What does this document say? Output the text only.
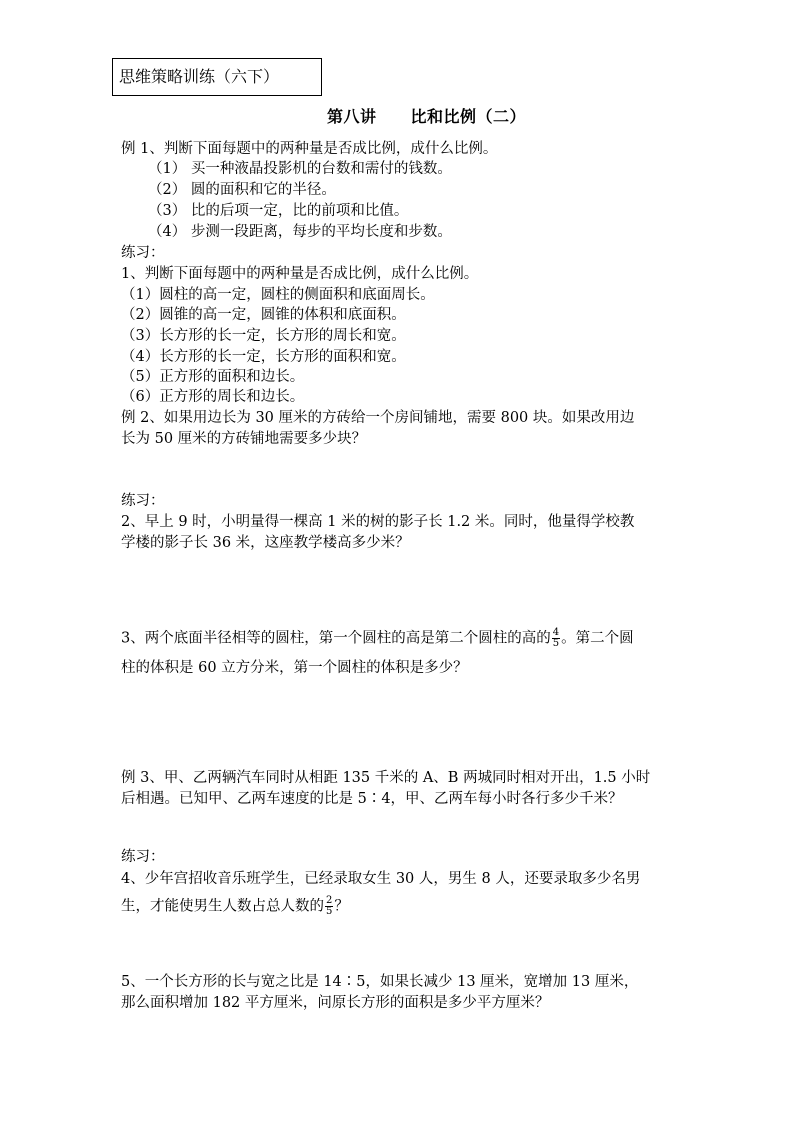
思维策略训练（六下）
第八讲 比和比例（二）
例 1、判断下面每题中的两种量是否成比例，成什么比例。
（1） 买一种液晶投影机的台数和需付的钱数。
（2） 圆的面积和它的半径。
（3） 比的后项一定，比的前项和比值。
（4） 步测一段距离，每步的平均长度和步数。
练习：
1、判断下面每题中的两种量是否成比例，成什么比例。
（1）圆柱的高一定，圆柱的侧面积和底面周长。
（2）圆锥的高一定，圆锥的体积和底面积。
（3）长方形的长一定，长方形的周长和宽。
（4）长方形的长一定，长方形的面积和宽。
（5）正方形的面积和边长。
（6）正方形的周长和边长。
例 2、如果用边长为 30 厘米的方砖给一个房间铺地，需要 800 块。如果改用边
长为 50 厘米的方砖铺地需要多少块？
练习：
2、早上 9 时，小明量得一棵高 1 米的树的影子长 1.2 米。同时，他量得学校教
学楼的影子长 36 米，这座教学楼高多少米？
3、两个底面半径相等的圆柱，第一个圆柱的高是第二个圆柱的高的 $\frac{4}{5}$ 。第二个圆
柱的体积是 60 立方分米，第一个圆柱的体积是多少？
例 3、甲、乙两辆汽车同时从相距 135 千米的 A、B 两城同时相对开出，1.5 小时
后相遇。已知甲、乙两车速度的比是 5∶4，甲、乙两车每小时各行多少千米？
练习：
4、少年宫招收音乐班学生，已经录取女生 30 人，男生 8 人，还要录取多少名男
生，才能使男生人数占总人数的 $\frac{2}{5}$ ？
5、一个长方形的长与宽之比是 14∶5，如果长减少 13 厘米，宽增加 13 厘米，
那么面积增加 182 平方厘米，问原长方形的面积是多少平方厘米？
